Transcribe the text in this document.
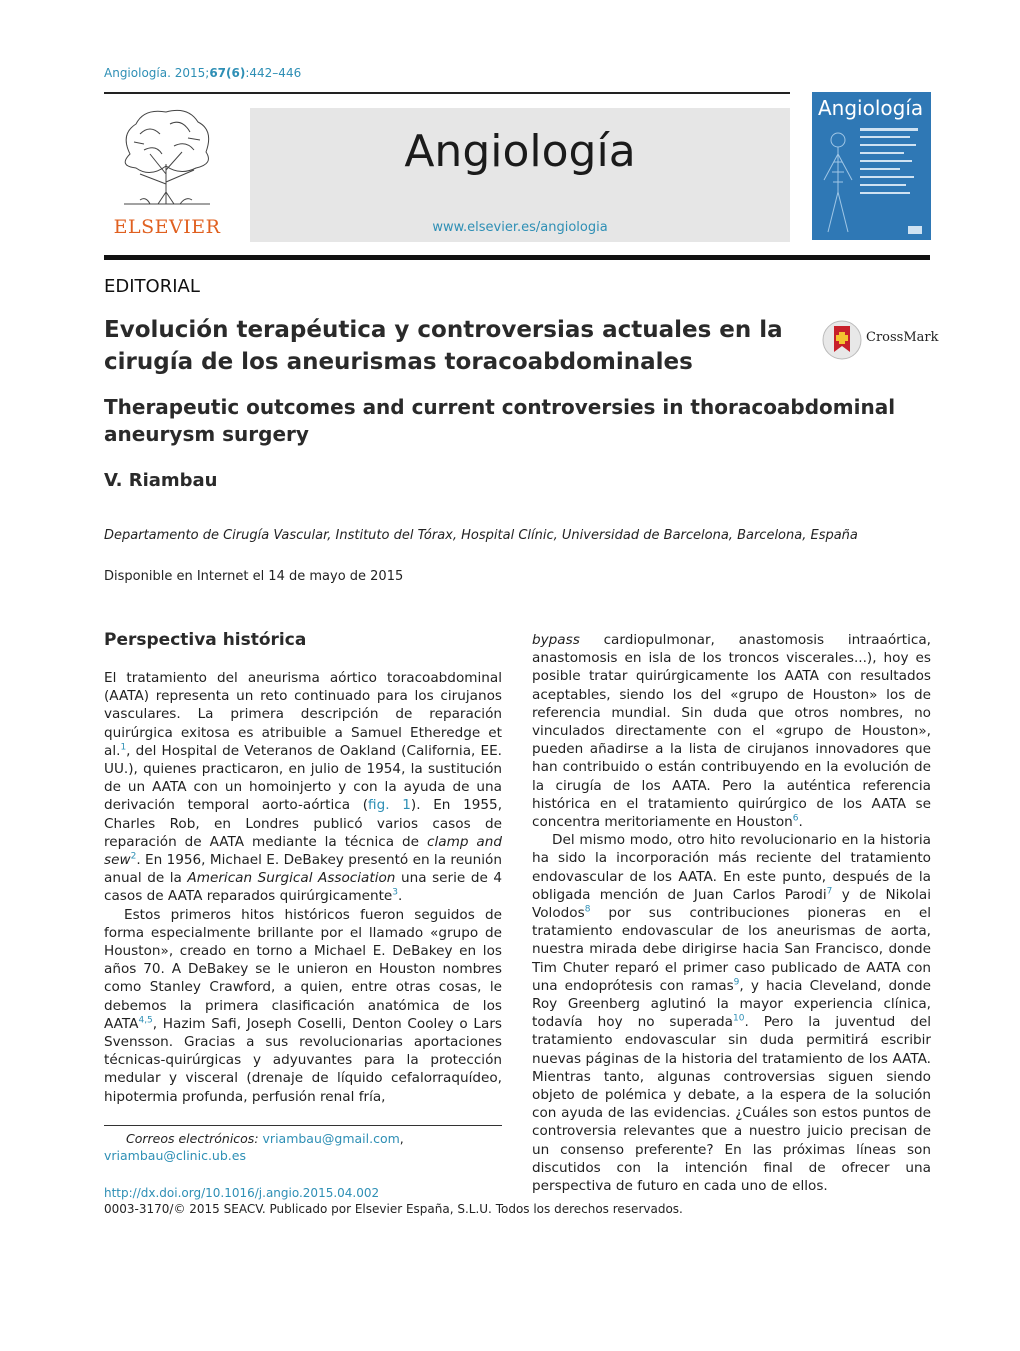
Angiología. 2015;67(6):442–446
ELSEVIER
Angiología
www.elsevier.es/angiologia
Angiología
EDITORIAL
Evolución terapéutica y controversias actuales en la cirugía de los aneurismas toracoabdominales
CrossMark
Therapeutic outcomes and current controversies in thoracoabdominal aneurysm surgery
V. Riambau
Departamento de Cirugía Vascular, Instituto del Tórax, Hospital Clínic, Universidad de Barcelona, Barcelona, España
Disponible en Internet el 14 de mayo de 2015
Perspectiva histórica

El tratamiento del aneurisma aórtico toracoabdominal (AATA) representa un reto continuado para los cirujanos vasculares. La primera descripción de reparación quirúrgica exitosa es atribuible a Samuel Etheredge et al.$^1$, del Hospital de Veteranos de Oakland (California, EE. UU.), quienes practicaron, en julio de 1954, la sustitución de un AATA con un homoinjerto y con la ayuda de una derivación temporal aorto-aórtica (fig. 1). En 1955, Charles Rob, en Londres publicó varios casos de reparación de AATA mediante la técnica de clamp and sew$^2$. En 1956, Michael E. DeBakey presentó en la reunión anual de la American Surgical Association una serie de 4 casos de AATA reparados quirúrgicamente$^3$.

Estos primeros hitos históricos fueron seguidos de forma especialmente brillante por el llamado «grupo de Houston», creado en torno a Michael E. DeBakey en los años 70. A DeBakey se le unieron en Houston nombres como Stanley Crawford, a quien, entre otras cosas, le debemos la primera clasificación anatómica de los AATA$^{4,5}$, Hazim Safi, Joseph Coselli, Denton Cooley o Lars Svensson. Gracias a sus revolucionarias aportaciones técnicas-quirúrgicas y adyuvantes para la protección medular y visceral (drenaje de líquido cefalorraquídeo, hipotermia profunda, perfusión renal fría,

bypass cardiopulmonar, anastomosis intraaórtica, anastomosis en isla de los troncos viscerales...), hoy es posible tratar quirúrgicamente los AATA con resultados aceptables, siendo los del «grupo de Houston» los de referencia mundial. Sin duda que otros nombres, no vinculados directamente con el «grupo de Houston», pueden añadirse a la lista de cirujanos innovadores que han contribuido o están contribuyendo en la evolución de la cirugía de los AATA. Pero la auténtica referencia histórica en el tratamiento quirúrgico de los AATA se concentra meritoriamente en Houston$^6$.

Del mismo modo, otro hito revolucionario en la historia ha sido la incorporación más reciente del tratamiento endovascular de los AATA. En este punto, después de la obligada mención de Juan Carlos Parodi$^7$ y de Nikolai Volodos$^8$ por sus contribuciones pioneras en el tratamiento endovascular de los aneurismas de aorta, nuestra mirada debe dirigirse hacia San Francisco, donde Tim Chuter reparó el primer caso publicado de AATA con una endoprótesis con ramas$^9$, y hacia Cleveland, donde Roy Greenberg aglutinó la mayor experiencia clínica, todavía hoy no superada$^{10}$. Pero la juventud del tratamiento endovascular sin duda permitirá escribir nuevas páginas de la historia del tratamiento de los AATA. Mientras tanto, algunas controversias siguen siendo objeto de polémica y debate, a la espera de la solución con ayuda de las evidencias. ¿Cuáles son estos puntos de controversia relevantes que a nuestro juicio precisan de un consenso preferente? En las próximas líneas son discutidos con la intención final de ofrecer una perspectiva de futuro en cada uno de ellos.

Correos electrónicos: vriambau@gmail.com,
vriambau@clinic.ub.es
http://dx.doi.org/10.1016/j.angio.2015.04.002
0003-3170/© 2015 SEACV. Publicado por Elsevier España, S.L.U. Todos los derechos reservados.
